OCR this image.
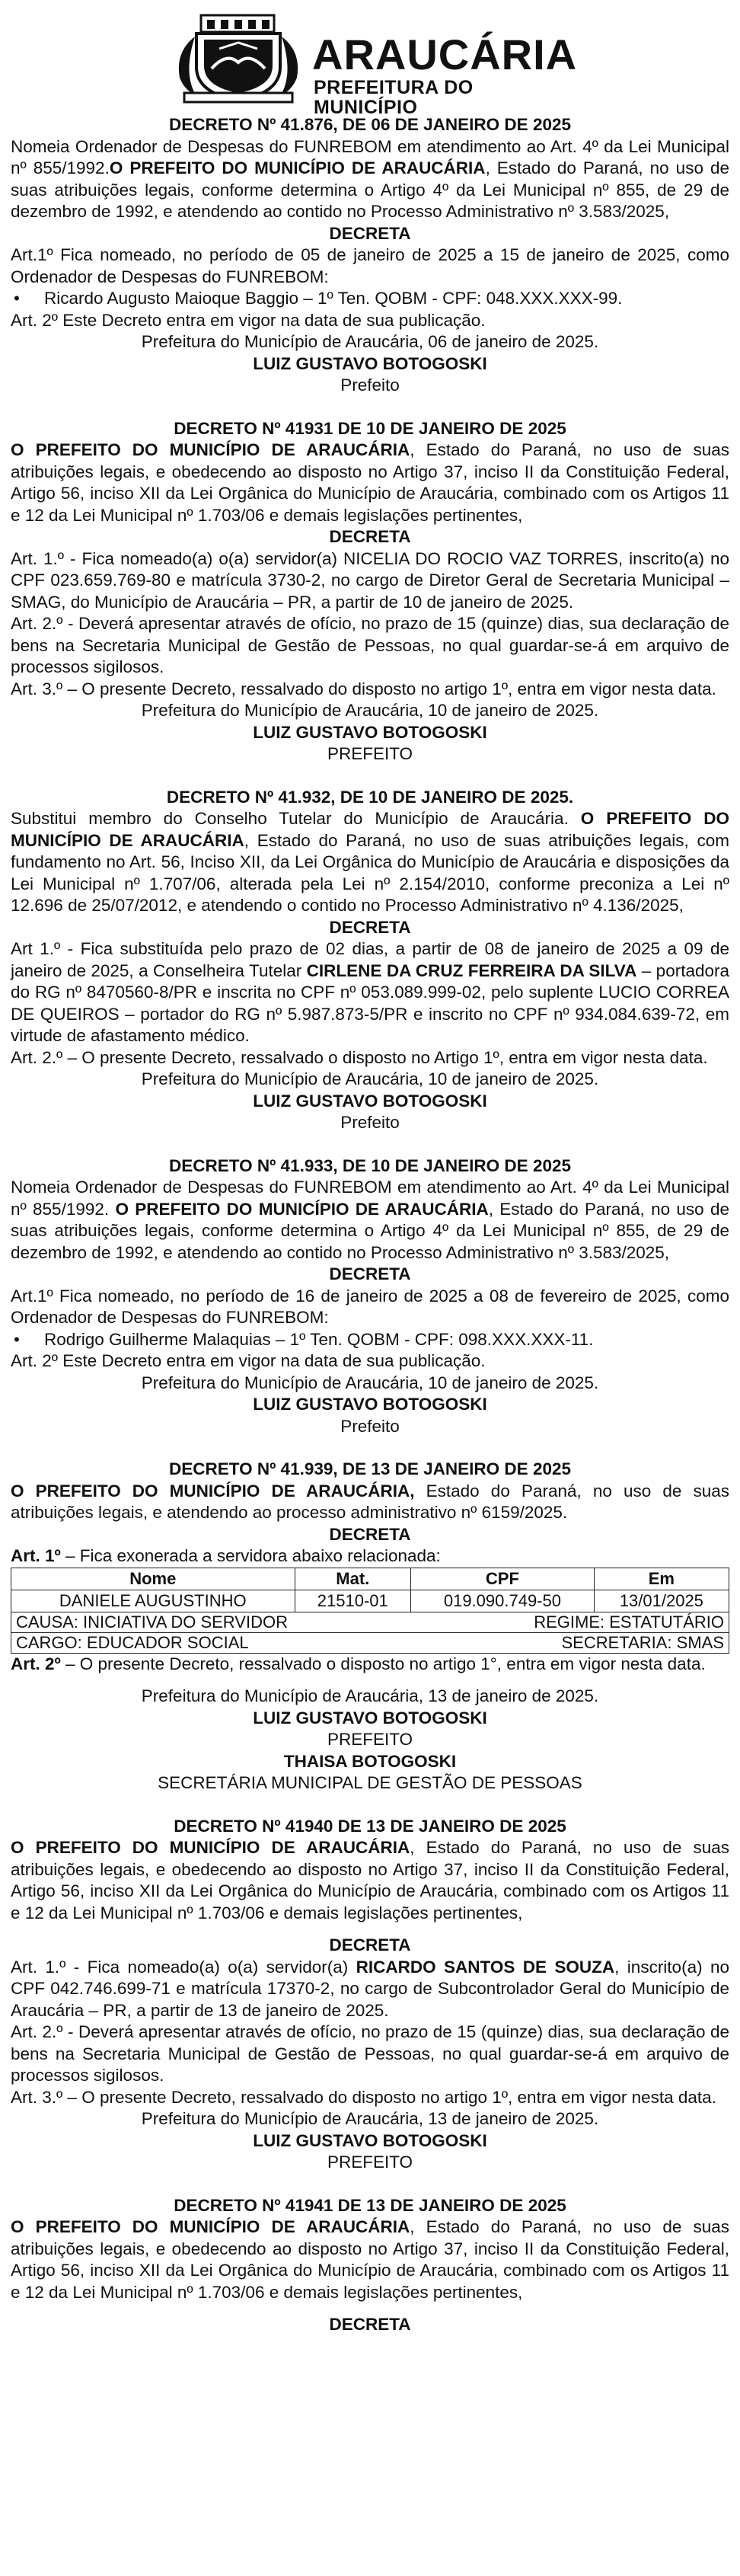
ARAUCÁRIA
PREFEITURA DO MUNICÍPIO
DECRETO Nº 41.876, DE 06 DE JANEIRO DE 2025

Nomeia Ordenador de Despesas do FUNREBOM em atendimento ao Art. 4º da Lei Municipal nº 855/1992.O PREFEITO DO MUNICÍPIO DE ARAUCÁRIA, Estado do Paraná, no uso de suas atribuições legais, conforme determina o Artigo 4º da Lei Municipal nº 855, de 29 de dezembro de 1992, e atendendo ao contido no Processo Administrativo nº 3.583/2025,

DECRETA

Art.1º Fica nomeado, no período de 05 de janeiro de 2025 a 15 de janeiro de 2025, como Ordenador de Despesas do FUNREBOM:

• Ricardo Augusto Maioque Baggio – 1º Ten. QOBM - CPF: 048.XXX.XXX-99.

Art. 2º Este Decreto entra em vigor na data de sua publicação.

Prefeitura do Município de Araucária, 06 de janeiro de 2025.
LUIZ GUSTAVO BOTOGOSKI
Prefeito
DECRETO Nº 41931 DE 10 DE JANEIRO DE 2025

O PREFEITO DO MUNICÍPIO DE ARAUCÁRIA, Estado do Paraná, no uso de suas atribuições legais, e obedecendo ao disposto no Artigo 37, inciso II da Constituição Federal, Artigo 56, inciso XII da Lei Orgânica do Município de Araucária, combinado com os Artigos 11 e 12 da Lei Municipal nº 1.703/06 e demais legislações pertinentes,

DECRETA

Art. 1.º - Fica nomeado(a) o(a) servidor(a) NICELIA DO ROCIO VAZ TORRES, inscrito(a) no CPF 023.659.769-80 e matrícula 3730-2, no cargo de Diretor Geral de Secretaria Municipal – SMAG, do Município de Araucária – PR, a partir de 10 de janeiro de 2025.

Art. 2.º - Deverá apresentar através de ofício, no prazo de 15 (quinze) dias, sua declaração de bens na Secretaria Municipal de Gestão de Pessoas, no qual guardar-se-á em arquivo de processos sigilosos.

Art. 3.º – O presente Decreto, ressalvado do disposto no artigo 1º, entra em vigor nesta data.

Prefeitura do Município de Araucária, 10 de janeiro de 2025.
LUIZ GUSTAVO BOTOGOSKI
PREFEITO
DECRETO Nº 41.932, DE 10 DE JANEIRO DE 2025.

Substitui membro do Conselho Tutelar do Município de Araucária. O PREFEITO DO MUNICÍPIO DE ARAUCÁRIA, Estado do Paraná, no uso de suas atribuições legais, com fundamento no Art. 56, Inciso XII, da Lei Orgânica do Município de Araucária e disposições da Lei Municipal nº 1.707/06, alterada pela Lei nº 2.154/2010, conforme preconiza a Lei nº 12.696 de 25/07/2012, e atendendo o contido no Processo Administrativo nº 4.136/2025,

DECRETA

Art 1.º - Fica substituída pelo prazo de 02 dias, a partir de 08 de janeiro de 2025 a 09 de janeiro de 2025, a Conselheira Tutelar CIRLENE DA CRUZ FERREIRA DA SILVA – portadora do RG nº 8470560-8/PR e inscrita no CPF nº 053.089.999-02, pelo suplente LUCIO CORREA DE QUEIROS – portador do RG nº 5.987.873-5/PR e inscrito no CPF nº 934.084.639-72, em virtude de afastamento médico.

Art. 2.º – O presente Decreto, ressalvado o disposto no Artigo 1º, entra em vigor nesta data.

Prefeitura do Município de Araucária, 10 de janeiro de 2025.
LUIZ GUSTAVO BOTOGOSKI
Prefeito
DECRETO Nº 41.933, DE 10 DE JANEIRO DE 2025

Nomeia Ordenador de Despesas do FUNREBOM em atendimento ao Art. 4º da Lei Municipal nº 855/1992. O PREFEITO DO MUNICÍPIO DE ARAUCÁRIA, Estado do Paraná, no uso de suas atribuições legais, conforme determina o Artigo 4º da Lei Municipal nº 855, de 29 de dezembro de 1992, e atendendo ao contido no Processo Administrativo nº 3.583/2025,

DECRETA

Art.1º Fica nomeado, no período de 16 de janeiro de 2025 a 08 de fevereiro de 2025, como Ordenador de Despesas do FUNREBOM:

• Rodrigo Guilherme Malaquias – 1º Ten. QOBM - CPF: 098.XXX.XXX-11.

Art. 2º Este Decreto entra em vigor na data de sua publicação.

Prefeitura do Município de Araucária, 10 de janeiro de 2025.
LUIZ GUSTAVO BOTOGOSKI
Prefeito
DECRETO Nº 41.939, DE 13 DE JANEIRO DE 2025

O PREFEITO DO MUNICÍPIO DE ARAUCÁRIA, Estado do Paraná, no uso de suas atribuições legais, e atendendo ao processo administrativo nº 6159/2025.

DECRETA

Art. 1º – Fica exonerada a servidora abaixo relacionada:

Nome	Mat.	CPF	Em
DANIELE AUGUSTINHO	21510-01	019.090.749-50	13/01/2025
CAUSA: INICIATIVA DO SERVIDOR	REGIME: ESTATUTÁRIO
CARGO: EDUCADOR SOCIAL	SECRETARIA: SMAS

Art. 2º – O presente Decreto, ressalvado o disposto no artigo 1°, entra em vigor nesta data.

Prefeitura do Município de Araucária, 13 de janeiro de 2025.
LUIZ GUSTAVO BOTOGOSKI
PREFEITO
THAISA BOTOGOSKI
SECRETÁRIA MUNICIPAL DE GESTÃO DE PESSOAS
DECRETO Nº 41940 DE 13 DE JANEIRO DE 2025

O PREFEITO DO MUNICÍPIO DE ARAUCÁRIA, Estado do Paraná, no uso de suas atribuições legais, e obedecendo ao disposto no Artigo 37, inciso II da Constituição Federal, Artigo 56, inciso XII da Lei Orgânica do Município de Araucária, combinado com os Artigos 11 e 12 da Lei Municipal nº 1.703/06 e demais legislações pertinentes,

DECRETA

Art. 1.º - Fica nomeado(a) o(a) servidor(a) RICARDO SANTOS DE SOUZA, inscrito(a) no CPF 042.746.699-71 e matrícula 17370-2, no cargo de Subcontrolador Geral do Município de Araucária – PR, a partir de 13 de janeiro de 2025.

Art. 2.º - Deverá apresentar através de ofício, no prazo de 15 (quinze) dias, sua declaração de bens na Secretaria Municipal de Gestão de Pessoas, no qual guardar-se-á em arquivo de processos sigilosos.

Art. 3.º – O presente Decreto, ressalvado do disposto no artigo 1º, entra em vigor nesta data.

Prefeitura do Município de Araucária, 13 de janeiro de 2025.
LUIZ GUSTAVO BOTOGOSKI
PREFEITO
DECRETO Nº 41941 DE 13 DE JANEIRO DE 2025

O PREFEITO DO MUNICÍPIO DE ARAUCÁRIA, Estado do Paraná, no uso de suas atribuições legais, e obedecendo ao disposto no Artigo 37, inciso II da Constituição Federal, Artigo 56, inciso XII da Lei Orgânica do Município de Araucária, combinado com os Artigos 11 e 12 da Lei Municipal nº 1.703/06 e demais legislações pertinentes,

DECRETA
